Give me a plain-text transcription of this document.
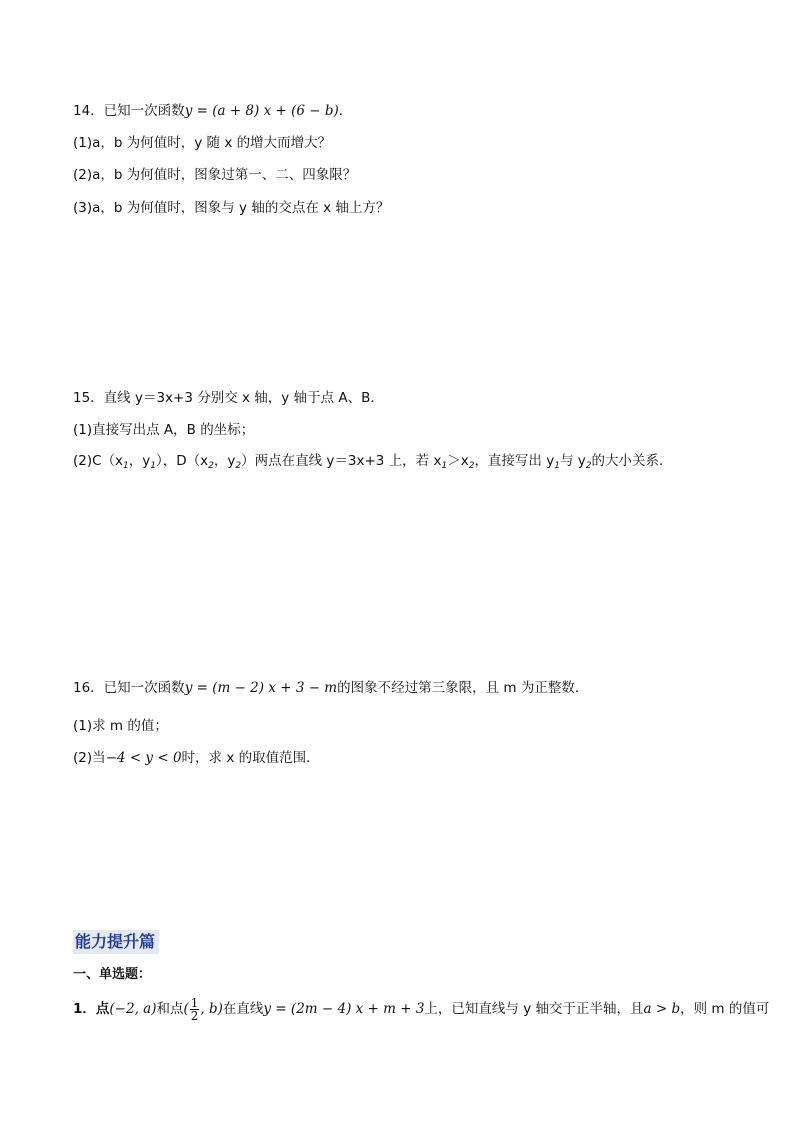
14．已知一次函数y = (a + 8) x + (6 − b)．
(1)a，b 为何值时，y 随 x 的增大而增大？
(2)a，b 为何值时，图象过第一、二、四象限？
(3)a，b 为何值时，图象与 y 轴的交点在 x 轴上方？
15．直线 y＝3x+3 分别交 x 轴，y 轴于点 A、B．
(1)直接写出点 A，B 的坐标；
$(2)C(x_1$，$y_1$），$D(x_2$，$y_2$）两点在直线 y＝3x+3 上，若 $x_1>x_2$，直接写出 $y_1$与 $y_2$的大小关系．
16．已知一次函数y = (m − 2) x + 3 − m的图象不经过第三象限，且 m 为正整数．
(1)求 m 的值；
(2)当−4 < y < 0时，求 x 的取值范围．
能力提升篇
一、单选题：
1．点(−2, a)和点( $\frac{1}{2}$ , b)在直线y = (2m − 4) x + m + 3上，已知直线与 y 轴交于正半轴，且a > b，则 m 的值可
